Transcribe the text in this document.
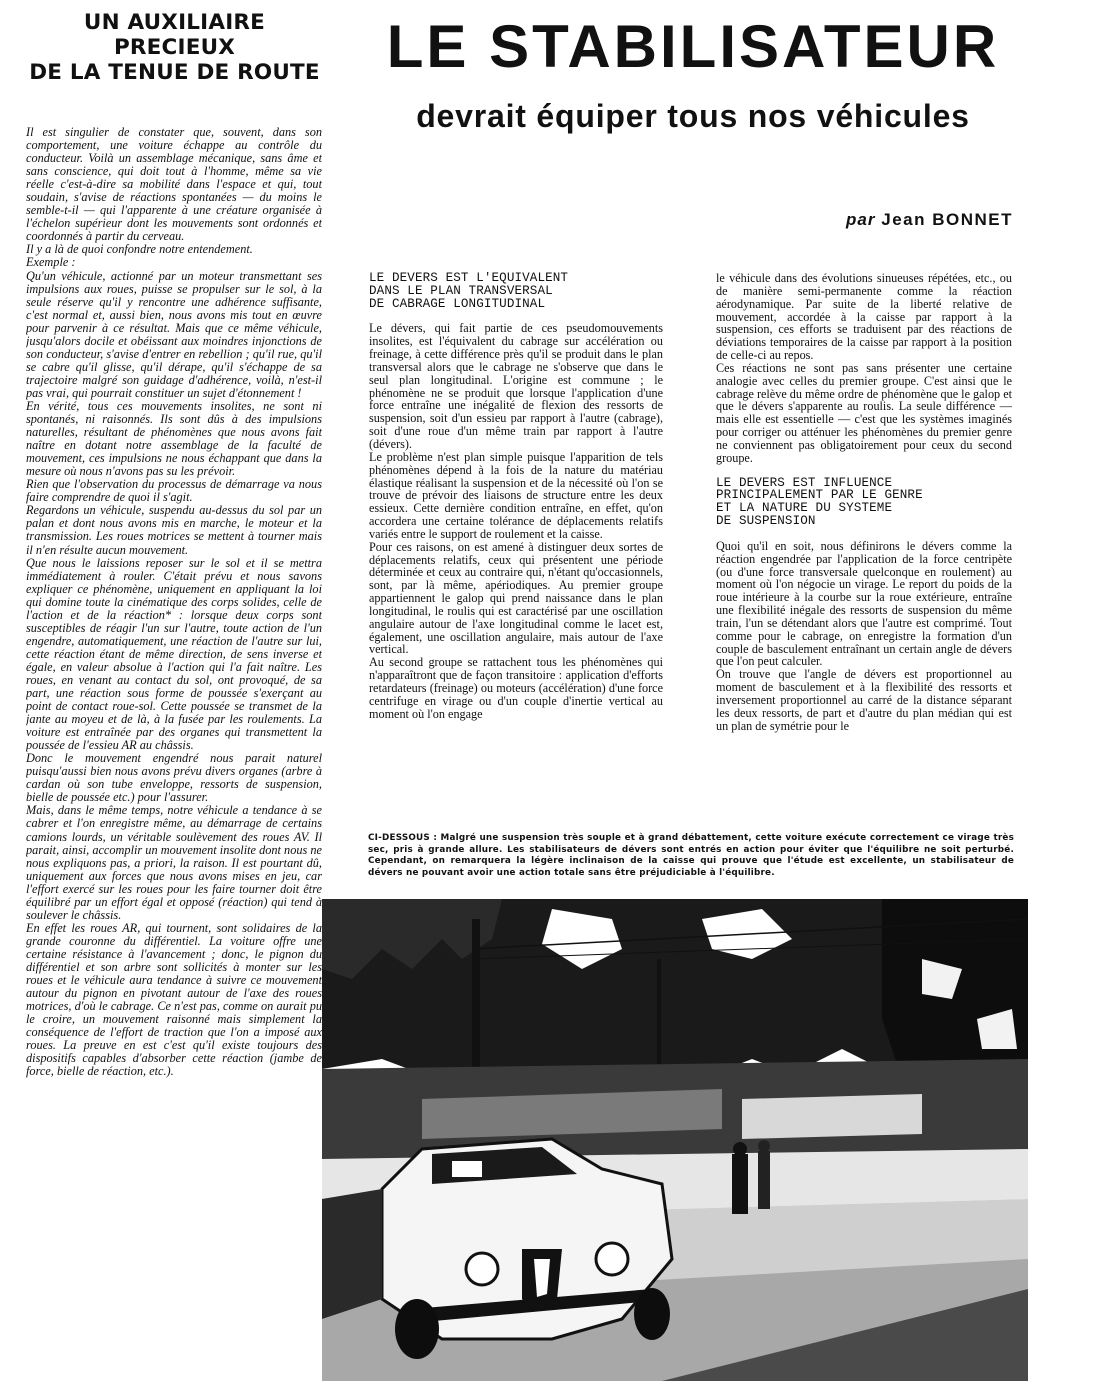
UN AUXILIAIRE PRECIEUX
DE LA TENUE DE ROUTE	LE STABILISATEUR
devrait équiper tous nos véhicules
par Jean BONNET

Il est singulier de constater que, souvent, dans son comportement, une voiture échappe au contrôle du conducteur. Voilà un assemblage mécanique, sans âme et sans conscience, qui doit tout à l'homme, même sa vie réelle c'est-à-dire sa mobilité dans l'espace et qui, tout soudain, s'avise de réactions spontanées — du moins le semble-t-il — qui l'apparente à une créature organisée à l'échelon supérieur dont les mouvements sont ordonnés et coordonnés à partir du cerveau.

Il y a là de quoi confondre notre entendement.

Exemple :

Qu'un véhicule, actionné par un moteur transmettant ses impulsions aux roues, puisse se propulser sur le sol, à la seule réserve qu'il y rencontre une adhérence suffisante, c'est normal et, aussi bien, nous avons mis tout en œuvre pour parvenir à ce résultat. Mais que ce même véhicule, jusqu'alors docile et obéissant aux moindres injonctions de son conducteur, s'avise d'entrer en rebellion ; qu'il rue, qu'il se cabre qu'il glisse, qu'il dérape, qu'il s'échappe de sa trajectoire malgré son guidage d'adhérence, voilà, n'est-il pas vrai, qui pourrait constituer un sujet d'étonnement !

En vérité, tous ces mouvements insolites, ne sont ni spontanés, ni raisonnés. Ils sont dûs à des impulsions naturelles, résultant de phénomènes que nous avons fait naître en dotant notre assemblage de la faculté de mouvement, ces impulsions ne nous échappant que dans la mesure où nous n'avons pas su les prévoir.

Rien que l'observation du processus de démarrage va nous faire comprendre de quoi il s'agit.

Regardons un véhicule, suspendu au-dessus du sol par un palan et dont nous avons mis en marche, le moteur et la transmission. Les roues motrices se mettent à tourner mais il n'en résulte aucun mouvement.

Que nous le laissions reposer sur le sol et il se mettra immédiatement à rouler. C'était prévu et nous savons expliquer ce phénomène, uniquement en appliquant la loi qui domine toute la cinématique des corps solides, celle de l'action et de la réaction* : lorsque deux corps sont susceptibles de réagir l'un sur l'autre, toute action de l'un engendre, automatiquement, une réaction de l'autre sur lui, cette réaction étant de même direction, de sens inverse et égale, en valeur absolue à l'action qui l'a fait naître. Les roues, en venant au contact du sol, ont provoqué, de sa part, une réaction sous forme de poussée s'exerçant au point de contact roue-sol. Cette poussée se transmet de la jante au moyeu et de là, à la fusée par les roulements. La voiture est entraînée par des organes qui transmettent la poussée de l'essieu AR au châssis.

Donc le mouvement engendré nous parait naturel puisqu'aussi bien nous avons prévu divers organes (arbre à cardan où son tube enveloppe, ressorts de suspension, bielle de poussée etc.) pour l'assurer.

Mais, dans le même temps, notre véhicule a tendance à se cabrer et l'on enregistre même, au démarrage de certains camions lourds, un véritable soulèvement des roues AV. Il parait, ainsi, accomplir un mouvement insolite dont nous ne nous expliquons pas, a priori, la raison. Il est pourtant dû, uniquement aux forces que nous avons mises en jeu, car l'effort exercé sur les roues pour les faire tourner doit être équilibré par un effort égal et opposé (réaction) qui tend à soulever le châssis.

En effet les roues AR, qui tournent, sont solidaires de la grande couronne du différentiel. La voiture offre une certaine résistance à l'avancement ; donc, le pignon du différentiel et son arbre sont sollicités à monter sur les roues et le véhicule aura tendance à suivre ce mouvement autour du pignon en pivotant autour de l'axe des roues motrices, d'où le cabrage. Ce n'est pas, comme on aurait pu le croire, un mouvement raisonné mais simplement la conséquence de l'effort de traction que l'on a imposé aux roues. La preuve en est c'est qu'il existe toujours des dispositifs capables d'absorber cette réaction (jambe de force, bielle de réaction, etc.).

LE DEVERS EST L'EQUIVALENT
DANS LE PLAN TRANSVERSAL
DE CABRAGE LONGITUDINAL

Le dévers, qui fait partie de ces pseudomouvements insolites, est l'équivalent du cabrage sur accélération ou freinage, à cette différence près qu'il se produit dans le plan transversal alors que le cabrage ne s'observe que dans le seul plan longitudinal. L'origine est commune ; le phénomène ne se produit que lorsque l'application d'une force entraîne une inégalité de flexion des ressorts de suspension, soit d'un essieu par rapport à l'autre (cabrage), soit d'une roue d'un même train par rapport à l'autre (dévers).

Le problème n'est plan simple puisque l'apparition de tels phénomènes dépend à la fois de la nature du matériau élastique réalisant la suspension et de la nécessité où l'on se trouve de prévoir des liaisons de structure entre les deux essieux. Cette dernière condition entraîne, en effet, qu'on accordera une certaine tolérance de déplacements relatifs variés entre le support de roulement et la caisse.

Pour ces raisons, on est amené à distinguer deux sortes de déplacements relatifs, ceux qui présentent une période déterminée et ceux au contraire qui, n'étant qu'occasionnels, sont, par là même, apériodiques. Au premier groupe appartiennent le galop qui prend naissance dans le plan longitudinal, le roulis qui est caractérisé par une oscillation angulaire autour de l'axe longitudinal comme le lacet est, également, une oscillation angulaire, mais autour de l'axe vertical.

Au second groupe se rattachent tous les phénomènes qui n'apparaîtront que de façon transitoire : application d'efforts retardateurs (freinage) ou moteurs (accélération) d'une force centrifuge en virage ou d'un couple d'inertie vertical au moment où l'on engage

le véhicule dans des évolutions sinueuses répétées, etc., ou de manière semi-permanente comme la réaction aérodynamique. Par suite de la liberté relative de mouvement, accordée à la caisse par rapport à la suspension, ces efforts se traduisent par des réactions de déviations temporaires de la caisse par rapport à la position de celle-ci au repos.

Ces réactions ne sont pas sans présenter une certaine analogie avec celles du premier groupe. C'est ainsi que le cabrage relève du même ordre de phénomène que le galop et que le dévers s'apparente au roulis. La seule différence — mais elle est essentielle — c'est que les systèmes imaginés pour corriger ou atténuer les phénomènes du premier genre ne conviennent pas obligatoirement pour ceux du second groupe.

LE DEVERS EST INFLUENCE
PRINCIPALEMENT PAR LE GENRE
ET LA NATURE DU SYSTEME
DE SUSPENSION

Quoi qu'il en soit, nous définirons le dévers comme la réaction engendrée par l'application de la force centripète (ou d'une force transversale quelconque en roulement) au moment où l'on négocie un virage. Le report du poids de la roue intérieure à la courbe sur la roue extérieure, entraîne une flexibilité inégale des ressorts de suspension du même train, l'un se détendant alors que l'autre est comprimé. Tout comme pour le cabrage, on enregistre la formation d'un couple de basculement entraînant un certain angle de dévers que l'on peut calculer.

On trouve que l'angle de dévers est proportionnel au moment de basculement et à la flexibilité des ressorts et inversement proportionnel au carré de la distance séparant les deux ressorts, de part et d'autre du plan médian qui est un plan de symétrie pour le

CI-DESSOUS : Malgré une suspension très souple et à grand débattement, cette voiture exécute correctement ce virage très sec, pris à grande allure. Les stabilisateurs de dévers sont entrés en action pour éviter que l'équilibre ne soit perturbé. Cependant, on remarquera la légère inclinaison de la caisse qui prouve que l'étude est excellente, un stabilisateur de dévers ne pouvant avoir une action totale sans être préjudiciable à l'équilibre.
